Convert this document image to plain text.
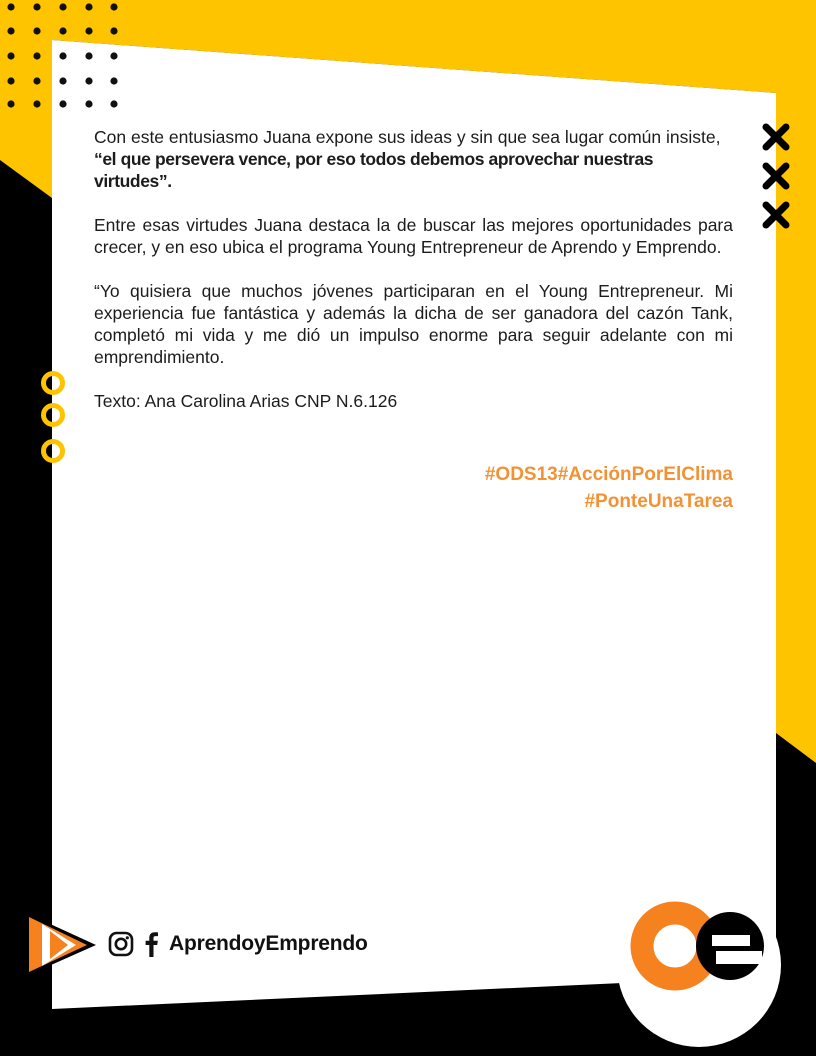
Con este entusiasmo Juana expone sus ideas y sin que sea lugar común insiste,
“el que persevera vence, por eso todos debemos aprovechar nuestras virtudes”.

Entre esas virtudes Juana destaca la de buscar las mejores oportunidades para crecer, y en eso ubica el programa Young Entrepreneur de Aprendo y Emprendo.

“Yo quisiera que muchos jóvenes participaran en el Young Entrepreneur. Mi experiencia fue fantástica y además la dicha de ser ganadora del cazón Tank, completó mi vida y me dió un impulso enorme para seguir adelante con mi emprendimiento.

Texto: Ana Carolina Arias CNP N.6.126

#ODS13#AcciónPorElClima
#PonteUnaTarea
AprendoyEmprendo
